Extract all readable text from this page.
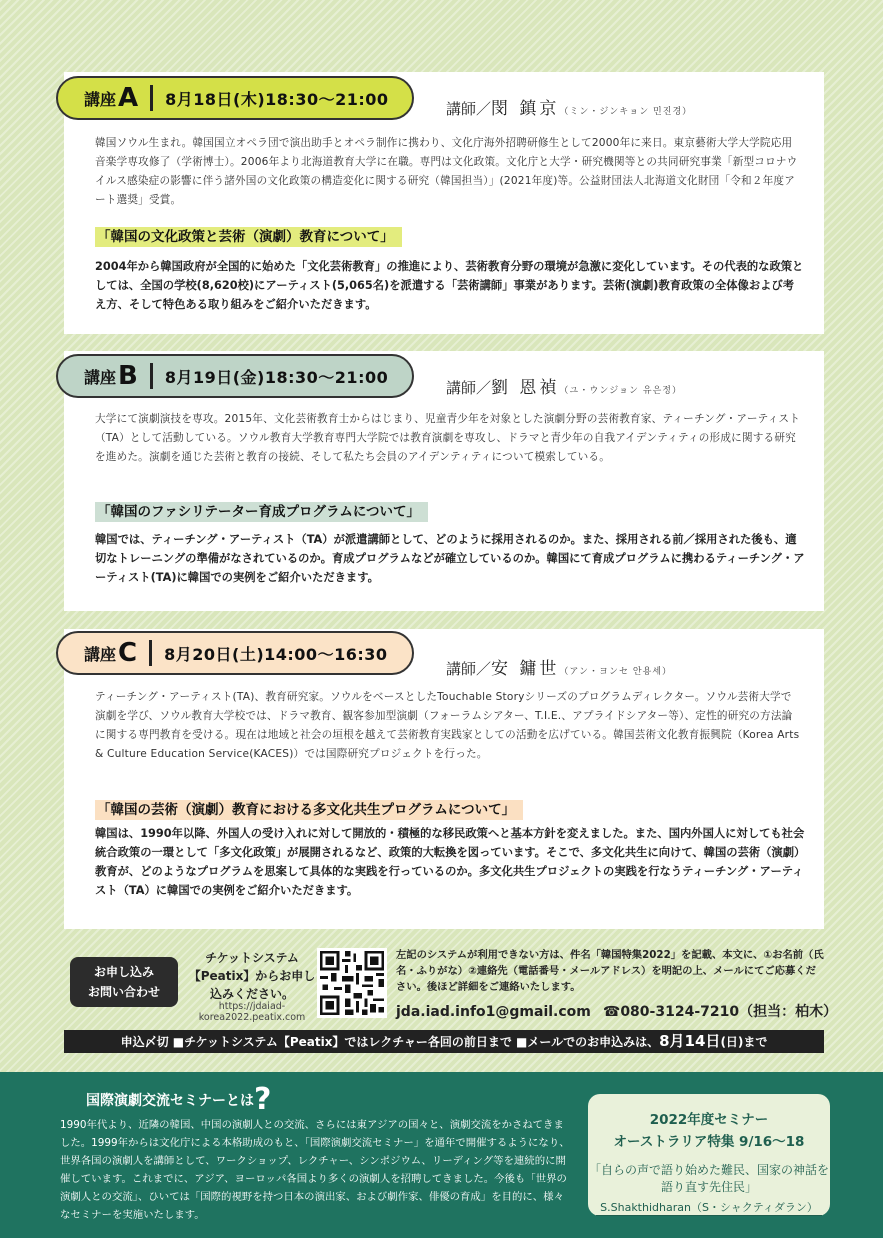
講座 A 8月18日(木)18:30〜21:00
講師／閔 鎮京（ミン・ジンキョン 민진경）

韓国ソウル生まれ。韓国国立オペラ団で演出助手とオペラ制作に携わり、文化庁海外招聘研修生として2000年に来日。東京藝術大学大学院応用音楽学専攻修了（学術博士）。2006年より北海道教育大学に在職。専門は文化政策。文化庁と大学・研究機関等との共同研究事業「新型コロナウイルス感染症の影響に伴う諸外国の文化政策の構造変化に関する研究（韓国担当）」(2021年度)等。公益財団法人北海道文化財団「令和２年度アート選奨」受賞。

「韓国の文化政策と芸術（演劇）教育について」

2004年から韓国政府が全国的に始めた「文化芸術教育」の推進により、芸術教育分野の環境が急激に変化しています。その代表的な政策としては、全国の学校(8,620校)にアーティスト(5,065名)を派遣する「芸術講師」事業があります。芸術(演劇)教育政策の全体像および考え方、そして特色ある取り組みをご紹介いただきます。

講座 B 8月19日(金)18:30〜21:00
講師／劉 恩禎（ユ・ウンジョン 유은정）

大学にて演劇演技を専攻。2015年、文化芸術教育士からはじまり、児童青少年を対象とした演劇分野の芸術教育家、ティーチング・アーティスト（TA）として活動している。ソウル教育大学教育専門大学院では教育演劇を専攻し、ドラマと青少年の自我アイデンティティの形成に関する研究を進めた。演劇を通じた芸術と教育の接続、そして私たち会員のアイデンティティについて模索している。

「韓国のファシリテーター育成プログラムについて」

韓国では、ティーチング・アーティスト（TA）が派遣講師として、どのように採用されるのか。また、採用される前／採用された後も、適切なトレーニングの準備がなされているのか。育成プログラムなどが確立しているのか。韓国にて育成プログラムに携わるティーチング・アーティスト(TA)に韓国での実例をご紹介いただきます。

講座 C 8月20日(土)14:00〜16:30
講師／安 鏞世（アン・ヨンセ 안용세）

ティーチング・アーティスト(TA)、教育研究家。ソウルをベースとしたTouchable Storyシリーズのプログラムディレクター。ソウル芸術大学で演劇を学び、ソウル教育大学校では、ドラマ教育、観客参加型演劇（フォーラムシアター、T.I.E.、アプライドシアター等）、定性的研究の方法論に関する専門教育を受ける。現在は地域と社会の垣根を越えて芸術教育実践家としての活動を広げている。韓国芸術文化教育振興院（Korea Arts & Culture Education Service(KACES)）では国際研究プロジェクトを行った。

「韓国の芸術（演劇）教育における多文化共生プログラムについて」

韓国は、1990年以降、外国人の受け入れに対して開放的・積極的な移民政策へと基本方針を変えました。また、国内外国人に対しても社会統合政策の一環として「多文化政策」が展開されるなど、政策的大転換を図っています。そこで、多文化共生に向けて、韓国の芸術（演劇）教育が、どのようなプログラムを思案して具体的な実践を行っているのか。多文化共生プロジェクトの実践を行なうティーチング・アーティスト（TA）に韓国での実例をご紹介いただきます。

お申し込み
お問い合わせ
チケットシステム【Peatix】からお申し込みください。
https://jdaiad-korea2022.peatix.com

左記のシステムが利用できない方は、件名「韓国特集2022」を記載、本文に、①お名前（氏名・ふりがな）②連絡先（電話番号・メールアドレス）を明記の上、メールにてご応募ください。後ほど詳細をご連絡いたします。

jda.iad.info1@gmail.com ☎080-3124-7210（担当：柏木）
申込〆切 ■チケットシステム【Peatix】ではレクチャー各回の前日まで ■メールでのお申込みは、8月14日(日)まで
国際演劇交流セミナーとは?

1990年代より、近隣の韓国、中国の演劇人との交流、さらには東アジアの国々と、演劇交流をかさねてきました。1999年からは文化庁による本格助成のもと、「国際演劇交流セミナー」を通年で開催するようになり、世界各国の演劇人を講師として、ワークショップ、レクチャー、シンポジウム、リーディング等を連続的に開催しています。これまでに、アジア、ヨーロッパ各国より多くの演劇人を招聘してきました。今後も「世界の演劇人との交流」、ひいては「国際的視野を持つ日本の演出家、および劇作家、俳優の育成」を目的に、様々なセミナーを実施いたします。

2022年度セミナー
オーストラリア特集 9/16〜18
「自らの声で語り始めた難民、国家の神話を語り直す先住民」
S.Shakthidharan（S・シャクティダラン）
